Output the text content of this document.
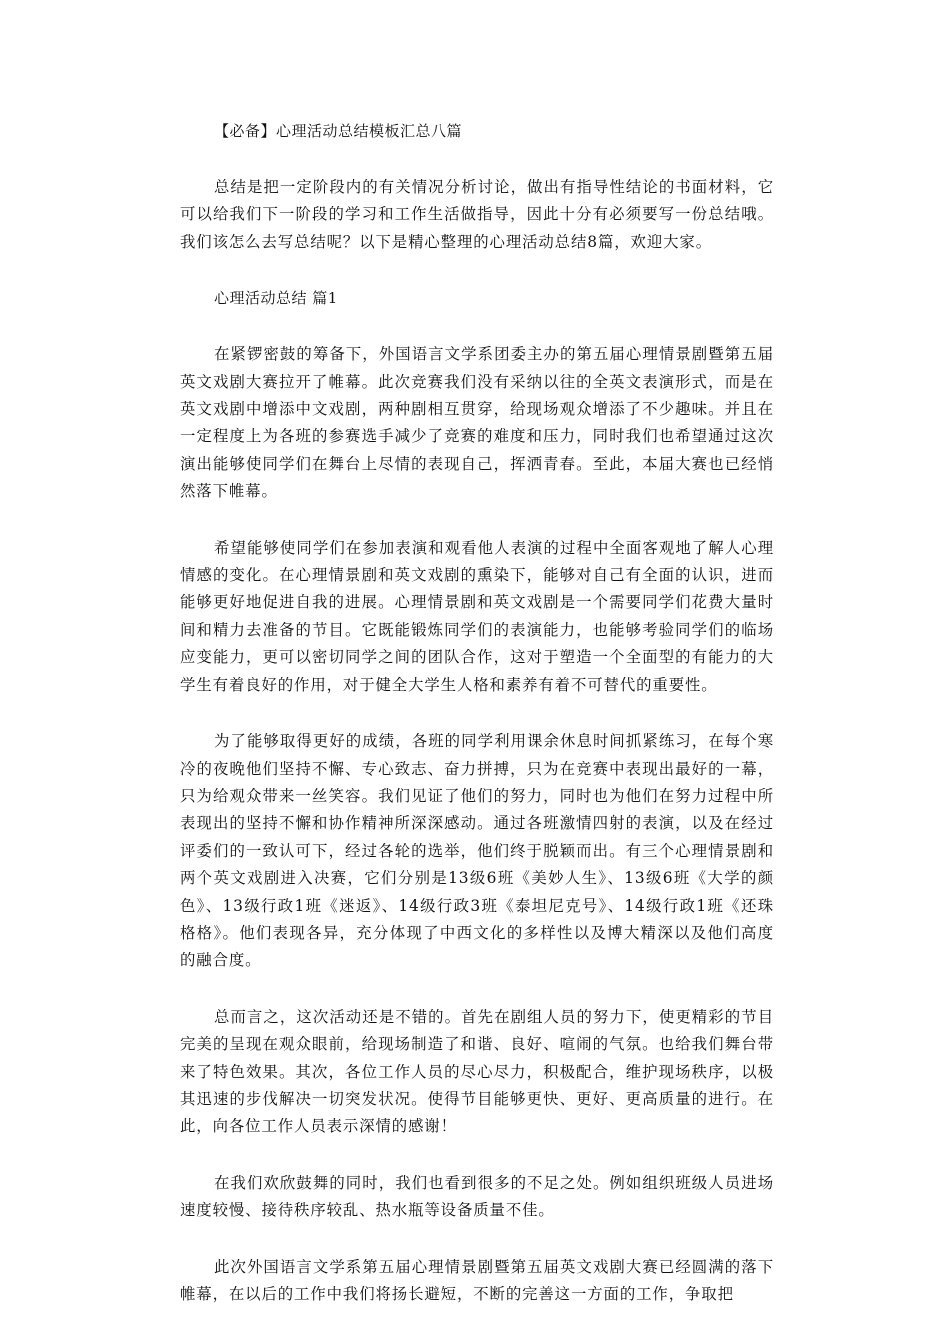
【必备】心理活动总结模板汇总八篇

总结是把一定阶段内的有关情况分析讨论，做出有指导性结论的书面材料，它可以给我们下一阶段的学习和工作生活做指导，因此十分有必须要写一份总结哦。我们该怎么去写总结呢？以下是精心整理的心理活动总结8篇，欢迎大家。

心理活动总结 篇1

在紧锣密鼓的筹备下，外国语言文学系团委主办的第五届心理情景剧暨第五届英文戏剧大赛拉开了帷幕。此次竞赛我们没有采纳以往的全英文表演形式，而是在英文戏剧中增添中文戏剧，两种剧相互贯穿，给现场观众增添了不少趣味。并且在一定程度上为各班的参赛选手减少了竞赛的难度和压力，同时我们也希望通过这次演出能够使同学们在舞台上尽情的表现自己，挥洒青春。至此，本届大赛也已经悄然落下帷幕。

希望能够使同学们在参加表演和观看他人表演的过程中全面客观地了解人心理情感的变化。在心理情景剧和英文戏剧的熏染下，能够对自己有全面的认识，进而能够更好地促进自我的进展。心理情景剧和英文戏剧是一个需要同学们花费大量时间和精力去准备的节目。它既能锻炼同学们的表演能力，也能够考验同学们的临场应变能力，更可以密切同学之间的团队合作，这对于塑造一个全面型的有能力的大学生有着良好的作用，对于健全大学生人格和素养有着不可替代的重要性。

为了能够取得更好的成绩，各班的同学利用课余休息时间抓紧练习，在每个寒冷的夜晚他们坚持不懈、专心致志、奋力拼搏，只为在竞赛中表现出最好的一幕，只为给观众带来一丝笑容。我们见证了他们的努力，同时也为他们在努力过程中所表现出的坚持不懈和协作精神所深深感动。通过各班激情四射的表演，以及在经过评委们的一致认可下，经过各轮的选举，他们终于脱颖而出。有三个心理情景剧和两个英文戏剧进入决赛，它们分别是13级6班《美妙人生》、13级6班《大学的颜色》、13级行政1班《迷返》、14级行政3班《泰坦尼克号》、14级行政1班《还珠格格》。他们表现各异，充分体现了中西文化的多样性以及博大精深以及他们高度的融合度。

总而言之，这次活动还是不错的。首先在剧组人员的努力下，使更精彩的节目完美的呈现在观众眼前，给现场制造了和谐、良好、喧闹的气氛。也给我们舞台带来了特色效果。其次，各位工作人员的尽心尽力，积极配合，维护现场秩序，以极其迅速的步伐解决一切突发状况。使得节目能够更快、更好、更高质量的进行。在此，向各位工作人员表示深情的感谢！

在我们欢欣鼓舞的同时，我们也看到很多的不足之处。例如组织班级人员进场速度较慢、接待秩序较乱、热水瓶等设备质量不佳。

此次外国语言文学系第五届心理情景剧暨第五届英文戏剧大赛已经圆满的落下帷幕，在以后的工作中我们将扬长避短，不断的完善这一方面的工作，争取把
